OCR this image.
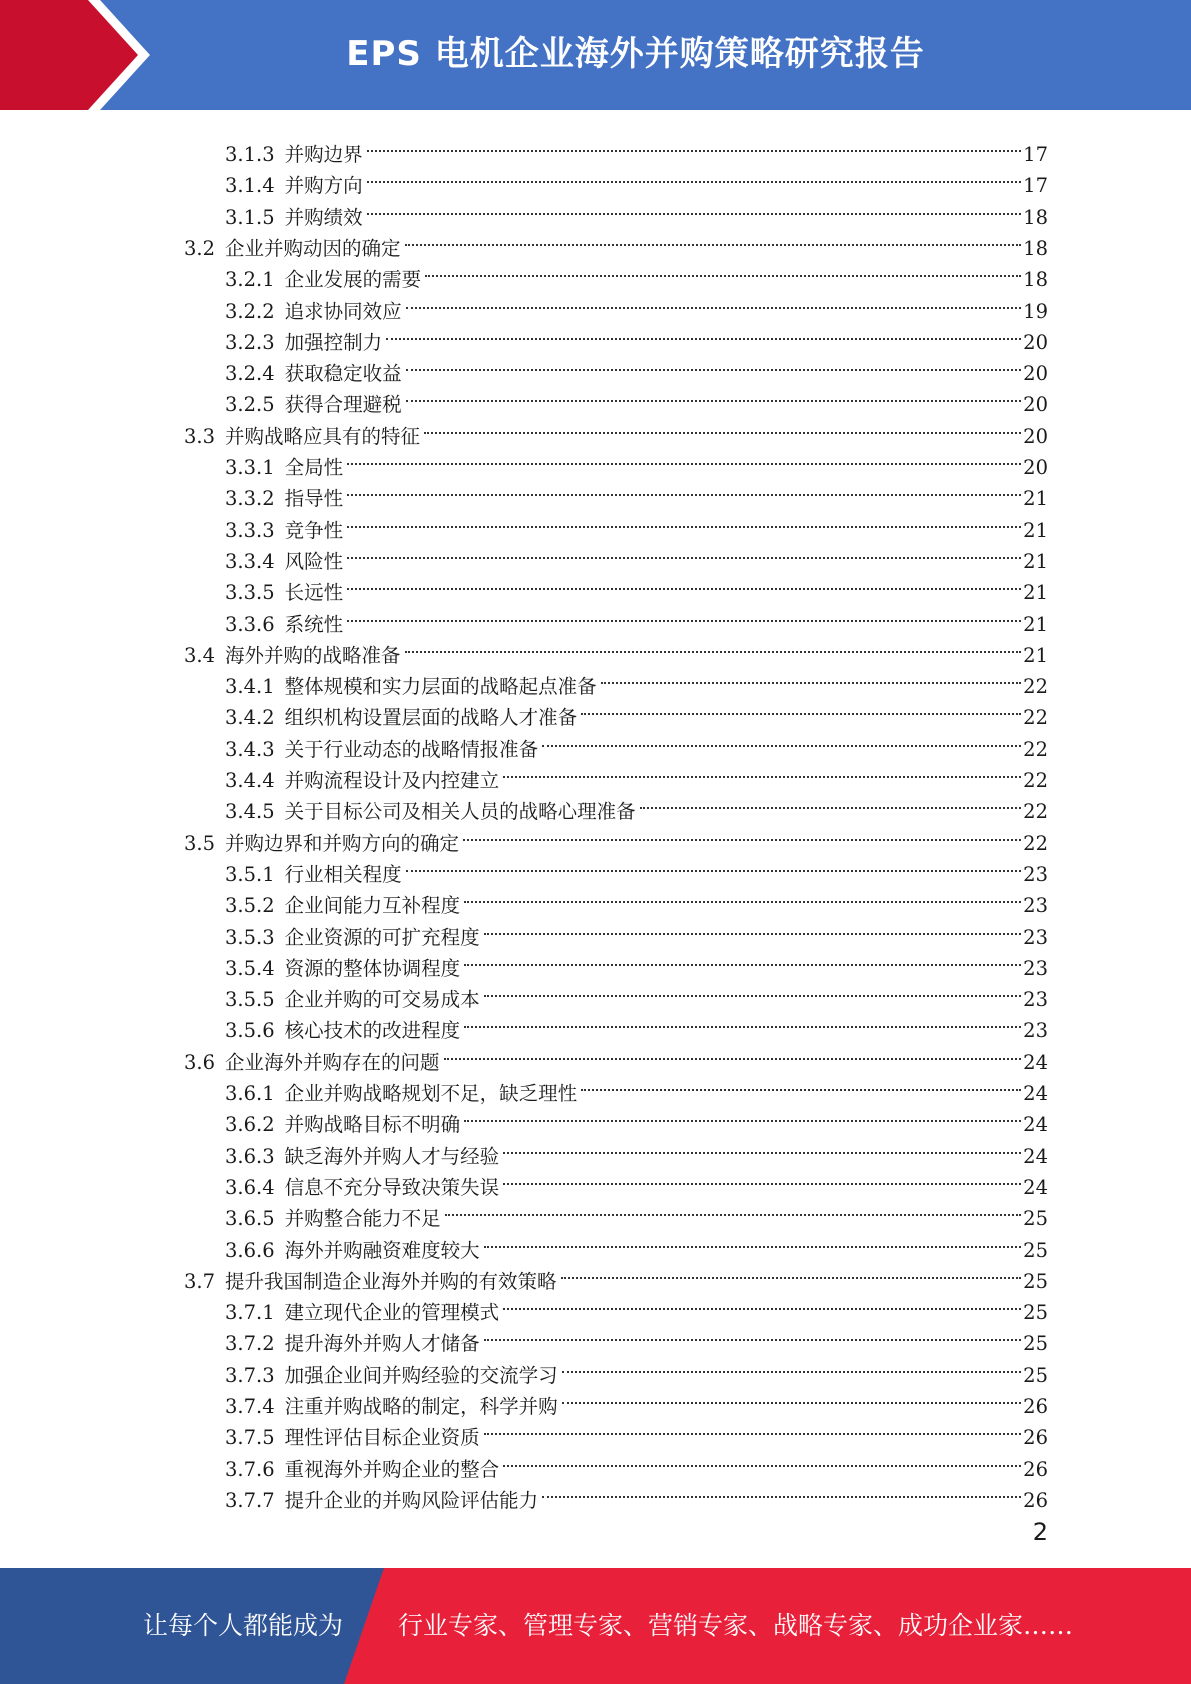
EPS 电机企业海外并购策略研究报告
3.1.3 并购边界	17
3.1.4 并购方向	17
3.1.5 并购绩效	18
3.2 企业并购动因的确定	18
3.2.1 企业发展的需要	18
3.2.2 追求协同效应	19
3.2.3 加强控制力	20
3.2.4 获取稳定收益	20
3.2.5 获得合理避税	20
3.3 并购战略应具有的特征	20
3.3.1 全局性	20
3.3.2 指导性	21
3.3.3 竞争性	21
3.3.4 风险性	21
3.3.5 长远性	21
3.3.6 系统性	21
3.4 海外并购的战略准备	21
3.4.1 整体规模和实力层面的战略起点准备	22
3.4.2 组织机构设置层面的战略人才准备	22
3.4.3 关于行业动态的战略情报准备	22
3.4.4 并购流程设计及内控建立	22
3.4.5 关于目标公司及相关人员的战略心理准备	22
3.5 并购边界和并购方向的确定	22
3.5.1 行业相关程度	23
3.5.2 企业间能力互补程度	23
3.5.3 企业资源的可扩充程度	23
3.5.4 资源的整体协调程度	23
3.5.5 企业并购的可交易成本	23
3.5.6 核心技术的改进程度	23
3.6 企业海外并购存在的问题	24
3.6.1 企业并购战略规划不足，缺乏理性	24
3.6.2 并购战略目标不明确	24
3.6.3 缺乏海外并购人才与经验	24
3.6.4 信息不充分导致决策失误	24
3.6.5 并购整合能力不足	25
3.6.6 海外并购融资难度较大	25
3.7 提升我国制造企业海外并购的有效策略	25
3.7.1 建立现代企业的管理模式	25
3.7.2 提升海外并购人才储备	25
3.7.3 加强企业间并购经验的交流学习	25
3.7.4 注重并购战略的制定，科学并购	26
3.7.5 理性评估目标企业资质	26
3.7.6 重视海外并购企业的整合	26
3.7.7 提升企业的并购风险评估能力	26
2
让每个人都能成为 行业专家、管理专家、营销专家、战略专家、成功企业家……
